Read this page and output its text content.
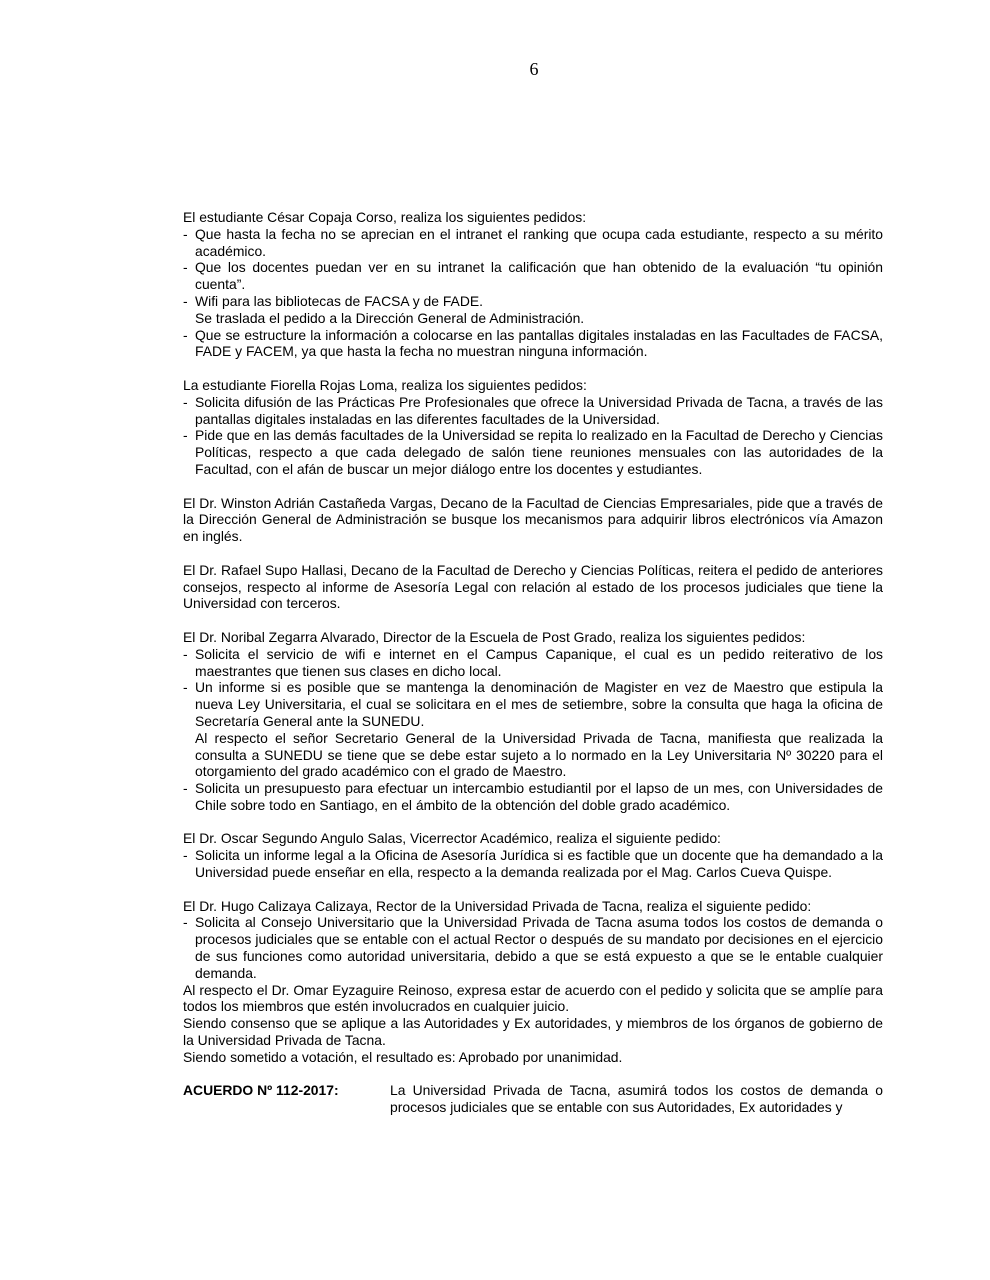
6

El estudiante César Copaja Corso, realiza los siguientes pedidos:

- Que hasta la fecha no se aprecian en el intranet el ranking que ocupa cada estudiante, respecto a su mérito académico.
- Que los docentes puedan ver en su intranet la calificación que han obtenido de la evaluación “tu opinión cuenta”.
- Wifi para las bibliotecas de FACSA y de FADE.
Se traslada el pedido a la Dirección General de Administración.
- Que se estructure la información a colocarse en las pantallas digitales instaladas en las Facultades de FACSA, FADE y FACEM, ya que hasta la fecha no muestran ninguna información.

La estudiante Fiorella Rojas Loma, realiza los siguientes pedidos:

- Solicita difusión de las Prácticas Pre Profesionales que ofrece la Universidad Privada de Tacna, a través de las pantallas digitales instaladas en las diferentes facultades de la Universidad.
- Pide que en las demás facultades de la Universidad se repita lo realizado en la Facultad de Derecho y Ciencias Políticas, respecto a que cada delegado de salón tiene reuniones mensuales con las autoridades de la Facultad, con el afán de buscar un mejor diálogo entre los docentes y estudiantes.

El Dr. Winston Adrián Castañeda Vargas, Decano de la Facultad de Ciencias Empresariales, pide que a través de la Dirección General de Administración se busque los mecanismos para adquirir libros electrónicos vía Amazon en inglés.

El Dr. Rafael Supo Hallasi, Decano de la Facultad de Derecho y Ciencias Políticas, reitera el pedido de anteriores consejos, respecto al informe de Asesoría Legal con relación al estado de los procesos judiciales que tiene la Universidad con terceros.

El Dr. Noribal Zegarra Alvarado, Director de la Escuela de Post Grado, realiza los siguientes pedidos:

- Solicita el servicio de wifi e internet en el Campus Capanique, el cual es un pedido reiterativo de los maestrantes que tienen sus clases en dicho local.
- Un informe si es posible que se mantenga la denominación de Magister en vez de Maestro que estipula la nueva Ley Universitaria, el cual se solicitara en el mes de setiembre, sobre la consulta que haga la oficina de Secretaría General ante la SUNEDU.
Al respecto el señor Secretario General de la Universidad Privada de Tacna, manifiesta que realizada la consulta a SUNEDU se tiene que se debe estar sujeto a lo normado en la Ley Universitaria Nº 30220 para el otorgamiento del grado académico con el grado de Maestro.
- Solicita un presupuesto para efectuar un intercambio estudiantil por el lapso de un mes, con Universidades de Chile sobre todo en Santiago, en el ámbito de la obtención del doble grado académico.

El Dr. Oscar Segundo Angulo Salas, Vicerrector Académico, realiza el siguiente pedido:

- Solicita un informe legal a la Oficina de Asesoría Jurídica si es factible que un docente que ha demandado a la Universidad puede enseñar en ella, respecto a la demanda realizada por el Mag. Carlos Cueva Quispe.

El Dr. Hugo Calizaya Calizaya, Rector de la Universidad Privada de Tacna, realiza el siguiente pedido:

- Solicita al Consejo Universitario que la Universidad Privada de Tacna asuma todos los costos de demanda o procesos judiciales que se entable con el actual Rector o después de su mandato por decisiones en el ejercicio de sus funciones como autoridad universitaria, debido a que se está expuesto a que se le entable cualquier demanda.

Al respecto el Dr. Omar Eyzaguire Reinoso, expresa estar de acuerdo con el pedido y solicita que se amplíe para todos los miembros que estén involucrados en cualquier juicio.

Siendo consenso que se aplique a las Autoridades y Ex autoridades, y miembros de los órganos de gobierno de la Universidad Privada de Tacna.

Siendo sometido a votación, el resultado es: Aprobado por unanimidad.

ACUERDO Nº 112-2017:	La Universidad Privada de Tacna, asumirá todos los costos de demanda o procesos judiciales que se entable con sus Autoridades, Ex autoridades y
